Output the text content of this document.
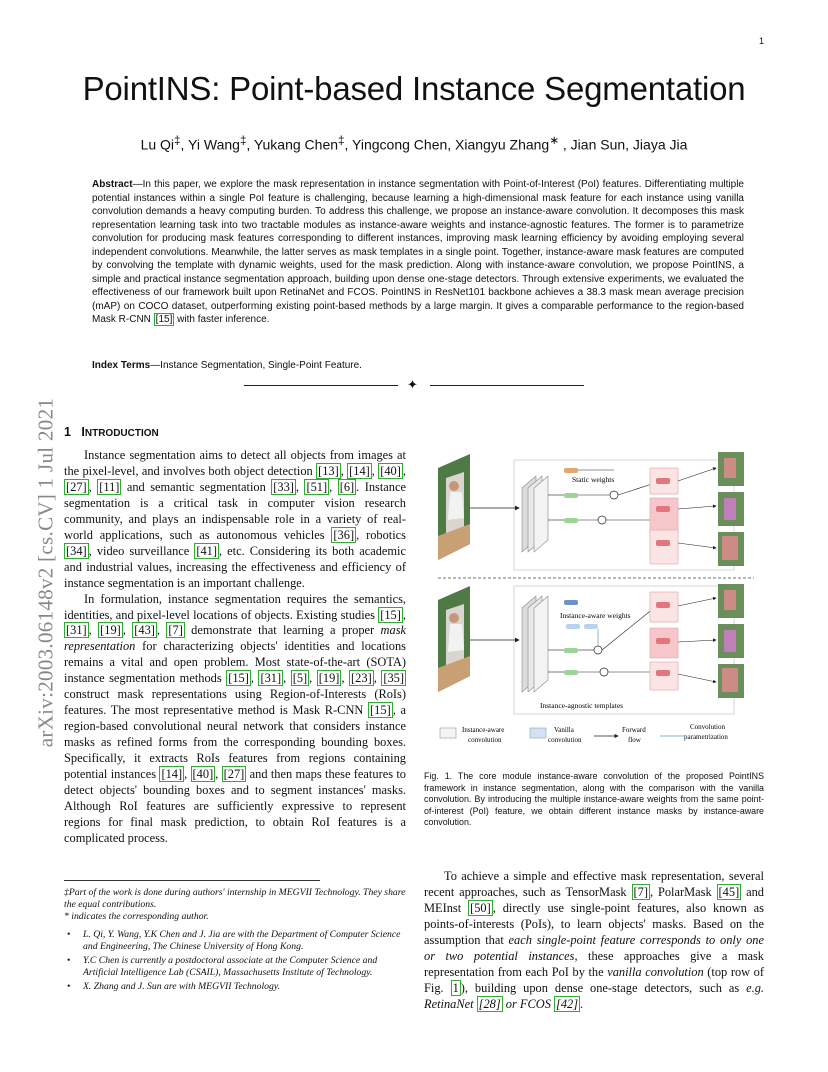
1
PointINS: Point-based Instance Segmentation
Lu Qi‡, Yi Wang‡, Yukang Chen‡, Yingcong Chen, Xiangyu Zhang∗ , Jian Sun, Jiaya Jia
Abstract—In this paper, we explore the mask representation in instance segmentation with Point-of-Interest (PoI) features. Differentiating multiple potential instances within a single PoI feature is challenging, because learning a high-dimensional mask feature for each instance using vanilla convolution demands a heavy computing burden. To address this challenge, we propose an instance-aware convolution. It decomposes this mask representation learning task into two tractable modules as instance-aware weights and instance-agnostic features. The former is to parametrize convolution for producing mask features corresponding to different instances, improving mask learning efficiency by avoiding employing several independent convolutions. Meanwhile, the latter serves as mask templates in a single point. Together, instance-aware mask features are computed by convolving the template with dynamic weights, used for the mask prediction. Along with instance-aware convolution, we propose PointINS, a simple and practical instance segmentation approach, building upon dense one-stage detectors. Through extensive experiments, we evaluated the effectiveness of our framework built upon RetinaNet and FCOS. PointINS in ResNet101 backbone achieves a 38.3 mask mean average precision (mAP) on COCO dataset, outperforming existing point-based methods by a large margin. It gives a comparable performance to the region-based Mask R-CNN [15] with faster inference.
Index Terms—Instance Segmentation, Single-Point Feature.
✦
arXiv:2003.06148v2 [cs.CV] 1 Jul 2021 1 INTRODUCTION

Instance segmentation aims to detect all objects from images at the pixel-level, and involves both object detection [13] , [14] , [40] , [27] , [11] and semantic segmentation [33] , [51] , [6] . Instance segmentation is a critical task in computer vision research community, and plays an indispensable role in a variety of real-world applications, such as autonomous vehicles [36] , robotics [34] , video surveillance [41] , etc. Considering its both academic and industrial values, increasing the effectiveness and efficiency of instance segmentation is an important challenge.

In formulation, instance segmentation requires the semantics, identities, and pixel-level locations of objects. Existing studies [15] , [31] , [19] , [43] , [7] demonstrate that learning a proper mask representation for characterizing objects' identities and locations remains a vital and open problem. Most state-of-the-art (SOTA) instance segmentation methods [15] , [31] , [5] , [19] , [23] , [35] construct mask representations using Region-of-Interests (RoIs) features. The most representative method is Mask R-CNN [15] , a region-based convolutional neural network that considers instance masks as refined forms from the corresponding bounding boxes. Specifically, it extracts RoIs features from regions containing potential instances [14] , [40] , [27] and then maps these features to detect objects' bounding boxes and to segment instances' masks. Although RoI features are sufficiently expressive to represent regions for final mask prediction, to obtain RoI features is a complicated process.

‡Part of the work is done during authors' internship in MEGVII Technology. They share the equal contributions.
* indicates the corresponding author.
• L. Qi, Y. Wang, Y.K Chen and J. Jia are with the Department of Computer Science and Engineering, The Chinese University of Hong Kong.
• Y.C Chen is currently a postdoctoral associate at the Computer Science and Artificial Intelligence Lab (CSAIL), Massachusetts Institute of Technology.
• X. Zhang and J. Sun are with MEGVII Technology.
Static weights
Instance-aware weights
Instance-agnostic templates
Instance-aware
convolution
Vanilla
convolution
Forward
flow
Convolution
parametrization
Fig. 1. The core module instance-aware convolution of the proposed PointINS framework in instance segmentation, along with the comparison with the vanilla convolution. By introducing the multiple instance-aware weights from the same point-of-interest (PoI) feature, we obtain different instance masks by instance-aware convolution.

To achieve a simple and effective mask representation, several recent approaches, such as TensorMask [7] , PolarMask [45] and MEInst [50] , directly use single-point features, also known as points-of-interests (PoIs), to learn objects' masks. Based on the assumption that each single-point feature corresponds to only one or two potential instances, these approaches give a mask representation from each PoI by the vanilla convolution (top row of Fig. 1 ), building upon dense one-stage detectors, such as e.g. RetinaNet [28] or FCOS [42] .
